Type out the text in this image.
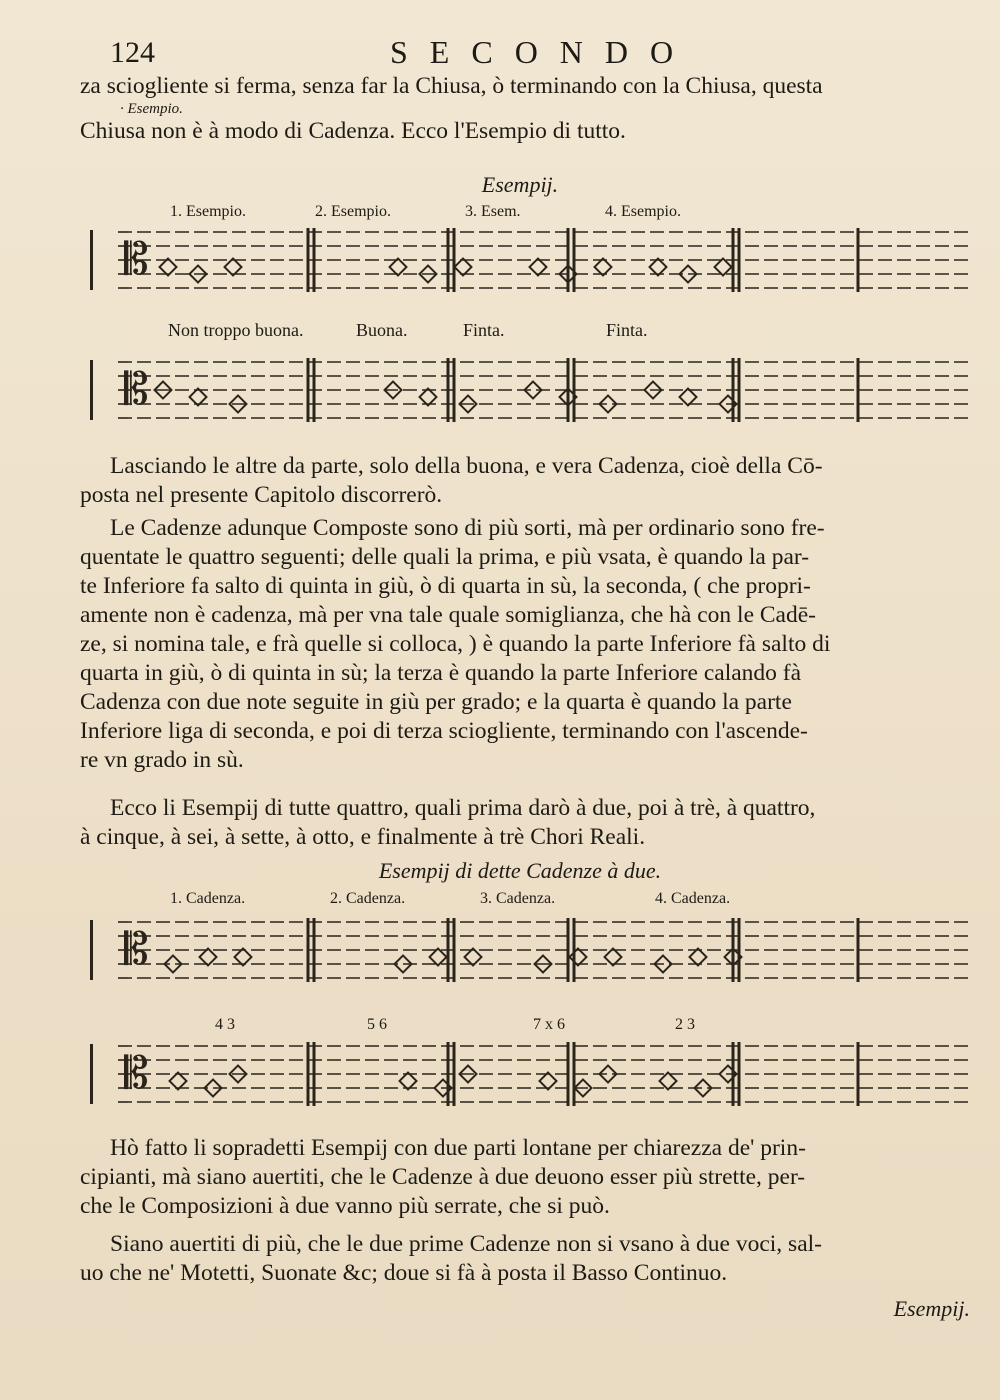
124	SECONDO
za sciogliente si ferma, senza far la Chiusa, ò terminando con la Chiusa, questa
· Esempio.
Chiusa non è à modo di Cadenza. Ecco l'Esempio di tutto.
Esempij.
1. Esempio.	2. Esempio.	3. Esem.	4. Esempio.
𝄡
Non troppo buona.	Buona.	Finta.	Finta.
𝄡
Lasciando le altre da parte, solo della buona, e vera Cadenza, cioè della Cō-
posta nel presente Capitolo discorrerò.
Le Cadenze adunque Composte sono di più sorti, mà per ordinario sono fre-
quentate le quattro seguenti; delle quali la prima, e più vsata, è quando la par-
te Inferiore fa salto di quinta in giù, ò di quarta in sù, la seconda, ( che propri-
amente non è cadenza, mà per vna tale quale somiglianza, che hà con le Cadē-
ze, si nomina tale, e frà quelle si colloca, ) è quando la parte Inferiore fà salto di
quarta in giù, ò di quinta in sù; la terza è quando la parte Inferiore calando fà
Cadenza con due note seguite in giù per grado; e la quarta è quando la parte
Inferiore liga di seconda, e poi di terza sciogliente, terminando con l'ascende-
re vn grado in sù.
Ecco li Esempij di tutte quattro, quali prima darò à due, poi à trè, à quattro,
à cinque, à sei, à sette, à otto, e finalmente à trè Chori Reali.
Esempij di dette Cadenze à due.
1. Cadenza.	2. Cadenza.	3. Cadenza.	4. Cadenza.
𝄡
4 3	5 6	7 x 6	2 3
𝄡
Hò fatto li sopradetti Esempij con due parti lontane per chiarezza de' prin-
cipianti, mà siano auertiti, che le Cadenze à due deuono esser più strette, per-
che le Composizioni à due vanno più serrate, che si può.
Siano auertiti di più, che le due prime Cadenze non si vsano à due voci, sal-
uo che ne' Motetti, Suonate &c; doue si fà à posta il Basso Continuo.
Esempij.
